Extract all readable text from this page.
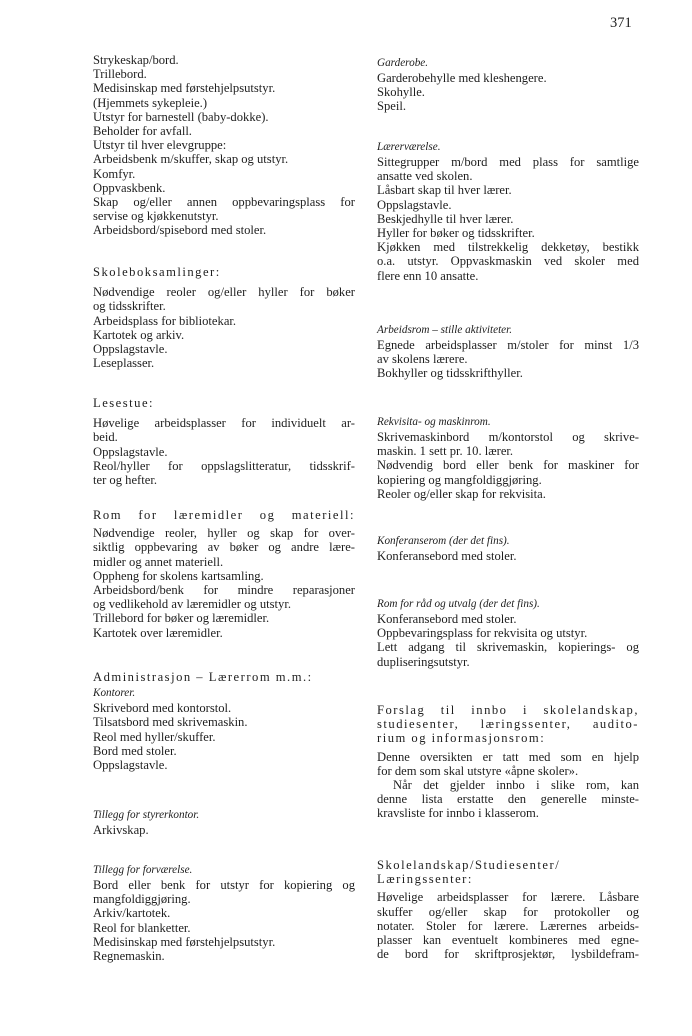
371

Strykeskap/bord.

Trillebord.

Medisinskap med førstehjelpsutstyr.

(Hjemmets sykepleie.)

Utstyr for barnestell (baby-dokke).

Beholder for avfall.

Utstyr til hver elevgruppe:

Arbeidsbenk m/skuffer, skap og utstyr.

Komfyr.

Oppvaskbenk.

Skap og/eller annen oppbevaringsplass for

servise og kjøkkenutstyr.

Arbeidsbord/spisebord med stoler.

Skoleboksamlinger:

Nødvendige reoler og/eller hyller for bøker

og tidsskrifter.

Arbeidsplass for bibliotekar.

Kartotek og arkiv.

Oppslagstavle.

Leseplasser.

Lesestue:

Høvelige arbeidsplasser for individuelt ar-

beid.

Oppslagstavle.

Reol/hyller for oppslagslitteratur, tidsskrif-

ter og hefter.

Rom for læremidler og materiell:

Nødvendige reoler, hyller og skap for over-

siktlig oppbevaring av bøker og andre lære-

midler og annet materiell.

Oppheng for skolens kartsamling.

Arbeidsbord/benk for mindre reparasjoner

og vedlikehold av læremidler og utstyr.

Trillebord for bøker og læremidler.

Kartotek over læremidler.

Administrasjon – Lærerrom m.m.:

Kontorer.

Skrivebord med kontorstol.

Tilsatsbord med skrivemaskin.

Reol med hyller/skuffer.

Bord med stoler.

Oppslagstavle.

Tillegg for styrerkontor.

Arkivskap.

Tillegg for forværelse.

Bord eller benk for utstyr for kopiering og

mangfoldiggjøring.

Arkiv/kartotek.

Reol for blanketter.

Medisinskap med førstehjelpsutstyr.

Regnemaskin.

Garderobe.

Garderobehylle med kleshengere.

Skohylle.

Speil.

Lærerværelse.

Sittegrupper m/bord med plass for samtlige

ansatte ved skolen.

Låsbart skap til hver lærer.

Oppslagstavle.

Beskjedhylle til hver lærer.

Hyller for bøker og tidsskrifter.

Kjøkken med tilstrekkelig dekketøy, bestikk

o.a. utstyr. Oppvaskmaskin ved skoler med

flere enn 10 ansatte.

Arbeidsrom – stille aktiviteter.

Egnede arbeidsplasser m/stoler for minst 1/3

av skolens lærere.

Bokhyller og tidsskrifthyller.

Rekvisita- og maskinrom.

Skrivemaskinbord m/kontorstol og skrive-

maskin. 1 sett pr. 10. lærer.

Nødvendig bord eller benk for maskiner for

kopiering og mangfoldiggjøring.

Reoler og/eller skap for rekvisita.

Konferanserom (der det fins).

Konferansebord med stoler.

Rom for råd og utvalg (der det fins).

Konferansebord med stoler.

Oppbevaringsplass for rekvisita og utstyr.

Lett adgang til skrivemaskin, kopierings- og

dupliseringsutstyr.

Forslag til innbo i skolelandskap,

studiesenter, læringssenter, audito-

rium og informasjonsrom:

Denne oversikten er tatt med som en hjelp

for dem som skal utstyre «åpne skoler».

Når det gjelder innbo i slike rom, kan

denne lista erstatte den generelle minste-

kravsliste for innbo i klasserom.

Skolelandskap/Studiesenter/

Læringssenter:

Høvelige arbeidsplasser for lærere. Låsbare

skuffer og/eller skap for protokoller og

notater. Stoler for lærere. Lærernes arbeids-

plasser kan eventuelt kombineres med egne-

de bord for skriftprosjektør, lysbildefram-
